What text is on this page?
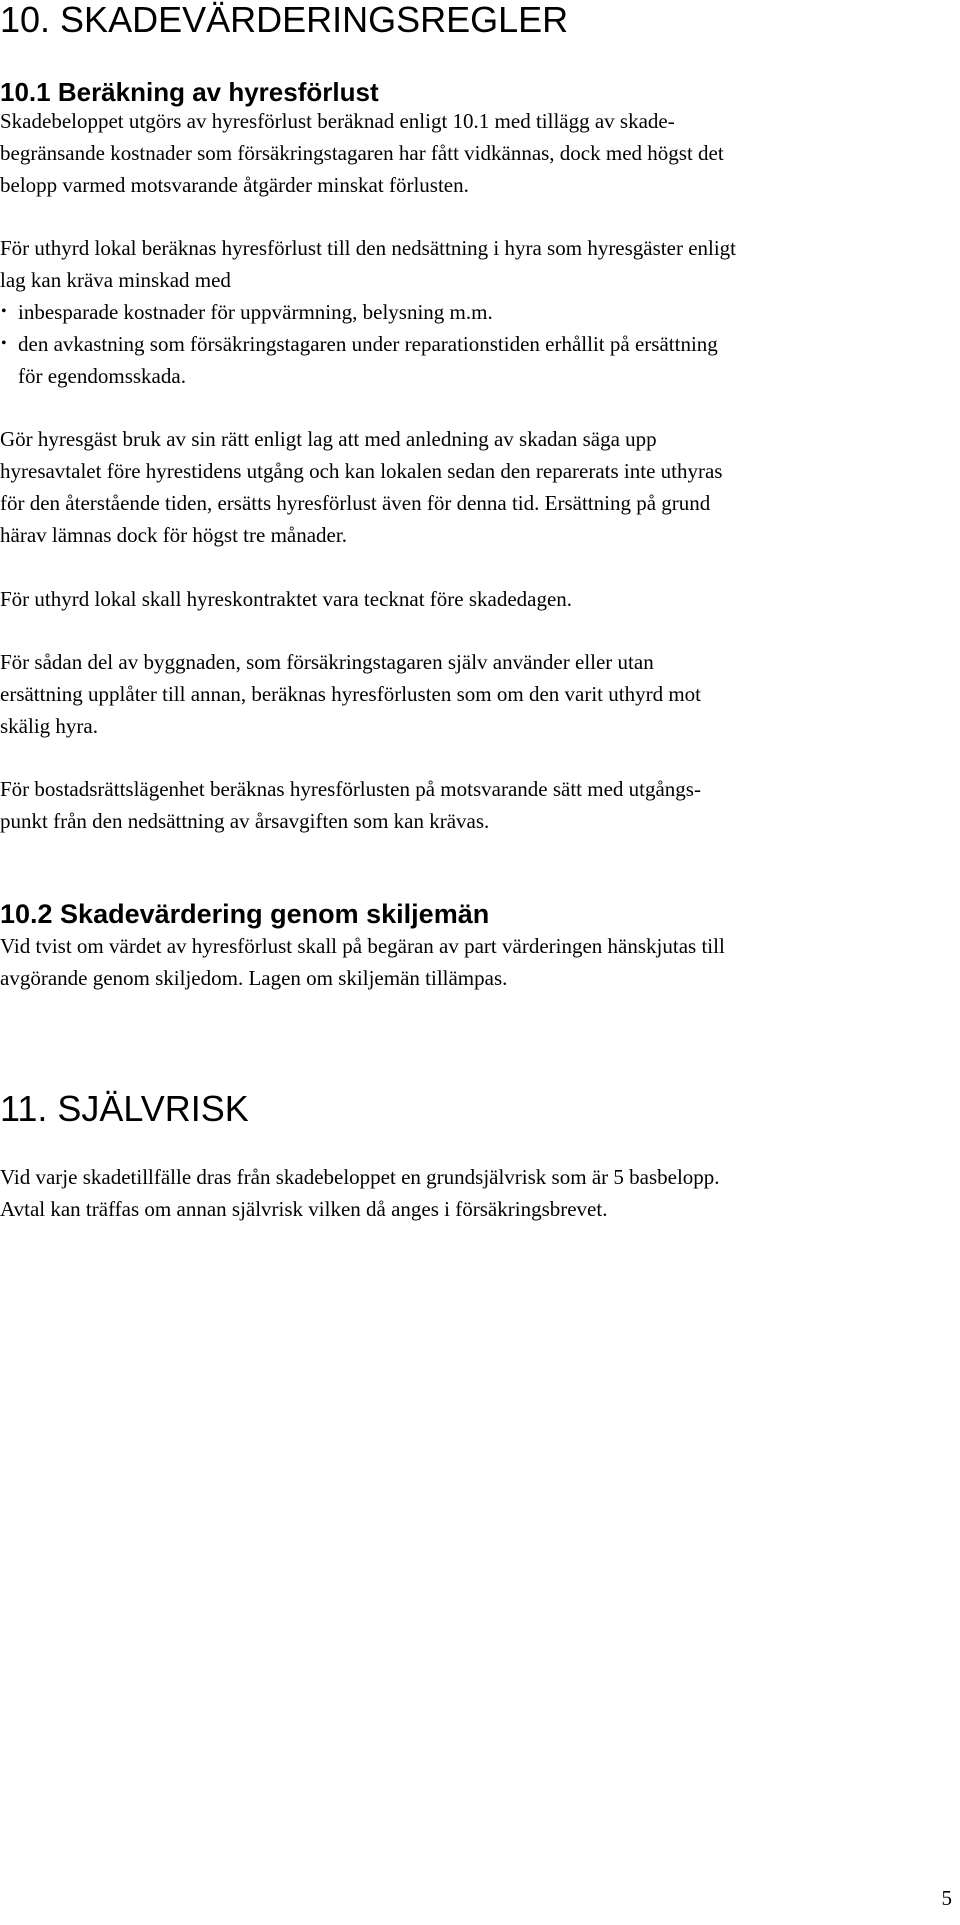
10. SKADEVÄRDERINGSREGLER
10.1 Beräkning av hyresförlust
Skadebeloppet utgörs av hyresförlust beräknad enligt 10.1 med tillägg av skade-
begränsande kostnader som försäkringstagaren har fått vidkännas, dock med högst det
belopp varmed motsvarande åtgärder minskat förlusten.
För uthyrd lokal beräknas hyresförlust till den nedsättning i hyra som hyresgäster enligt
lag kan kräva minskad med
• inbesparade kostnader för uppvärmning, belysning m.m.
• den avkastning som försäkringstagaren under reparationstiden erhållit på ersättning
för egendomsskada.
Gör hyresgäst bruk av sin rätt enligt lag att med anledning av skadan säga upp
hyresavtalet före hyrestidens utgång och kan lokalen sedan den reparerats inte uthyras
för den återstående tiden, ersätts hyresförlust även för denna tid. Ersättning på grund
härav lämnas dock för högst tre månader.
För uthyrd lokal skall hyreskontraktet vara tecknat före skadedagen.
För sådan del av byggnaden, som försäkringstagaren själv använder eller utan
ersättning upplåter till annan, beräknas hyresförlusten som om den varit uthyrd mot
skälig hyra.
För bostadsrättslägenhet beräknas hyresförlusten på motsvarande sätt med utgångs-
punkt från den nedsättning av årsavgiften som kan krävas.
10.2 Skadevärdering genom skiljemän
Vid tvist om värdet av hyresförlust skall på begäran av part värderingen hänskjutas till
avgörande genom skiljedom. Lagen om skiljemän tillämpas.
11. SJÄLVRISK
Vid varje skadetillfälle dras från skadebeloppet en grundsjälvrisk som är 5 basbelopp.
Avtal kan träffas om annan självrisk vilken då anges i försäkringsbrevet.
5
